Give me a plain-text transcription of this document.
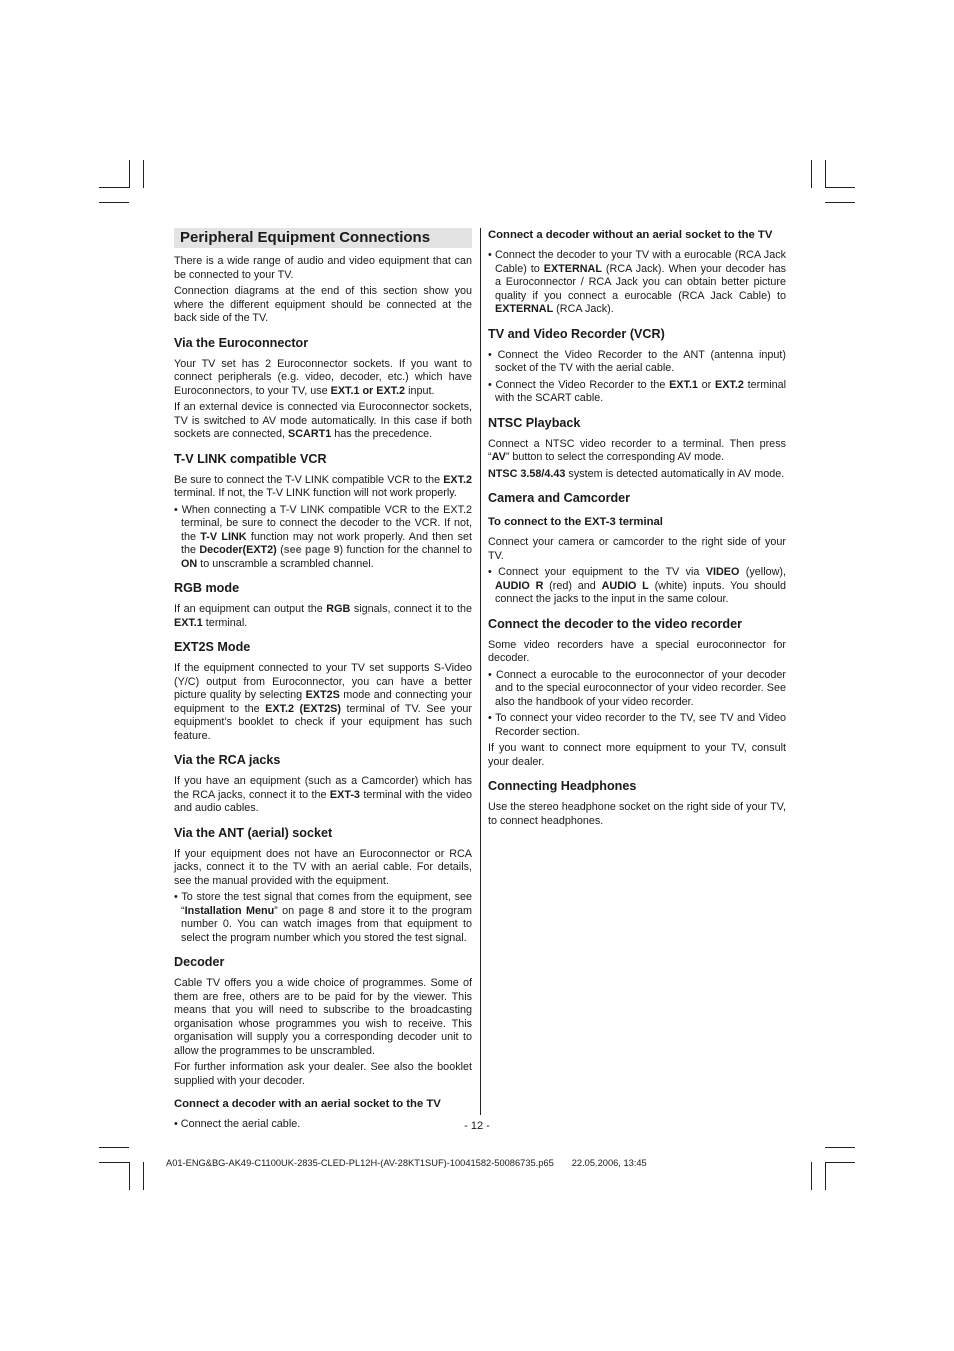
Peripheral Equipment Connections

There is a wide range of audio and video equipment that can be connected to your TV.

Connection diagrams at the end of this section show you where the different equipment should be connected at the back side of the TV.

Via the Euroconnector

Your TV set has 2 Euroconnector sockets. If you want to connect peripherals (e.g. video, decoder, etc.) which have Euroconnectors, to your TV, use EXT.1 or EXT.2 input.

If an external device is connected via Euroconnector sockets, TV is switched to AV mode automatically. In this case if both sockets are connected, SCART1 has the precedence.

T-V LINK compatible VCR

Be sure to connect the T-V LINK compatible VCR to the EXT.2 terminal. If not, the T-V LINK function will not work properly.

• When connecting a T-V LINK compatible VCR to the EXT.2 terminal, be sure to connect the decoder to the VCR. If not, the T-V LINK function may not work properly. And then set the Decoder(EXT2) (see page 9) function for the channel to ON to unscramble a scrambled channel.
RGB mode

If an equipment can output the RGB signals, connect it to the EXT.1 terminal.

EXT2S Mode

If the equipment connected to your TV set supports S-Video (Y/C) output from Euroconnector, you can have a better picture quality by selecting EXT2S mode and connecting your equipment to the EXT.2 (EXT2S) terminal of TV. See your equipment’s booklet to check if your equipment has such feature.

Via the RCA jacks

If you have an equipment (such as a Camcorder) which has the RCA jacks, connect it to the EXT-3 terminal with the video and audio cables.

Via the ANT (aerial) socket

If your equipment does not have an Euroconnector or RCA jacks, connect it to the TV with an aerial cable. For details, see the manual provided with the equipment.

• To store the test signal that comes from the equipment, see “Installation Menu” on page 8 and store it to the program number 0. You can watch images from that equipment to select the program number which you stored the test signal.
Decoder

Cable TV offers you a wide choice of programmes. Some of them are free, others are to be paid for by the viewer. This means that you will need to subscribe to the broadcasting organisation whose programmes you wish to receive. This organisation will supply you a corresponding decoder unit to allow the programmes to be unscrambled.

For further information ask your dealer. See also the booklet supplied with your decoder.

Connect a decoder with an aerial socket to the TV
• Connect the aerial cable.
Connect a decoder without an aerial socket to the TV
• Connect the decoder to your TV with a eurocable (RCA Jack Cable) to EXTERNAL (RCA Jack). When your decoder has a Euroconnector / RCA Jack you can obtain better picture quality if you connect a eurocable (RCA Jack Cable) to EXTERNAL (RCA Jack).
TV and Video Recorder (VCR)
• Connect the Video Recorder to the ANT (antenna input) socket of the TV with the aerial cable.
• Connect the Video Recorder to the EXT.1 or EXT.2 terminal with the SCART cable.
NTSC Playback

Connect a NTSC video recorder to a terminal. Then press “AV” button to select the corresponding AV mode.

NTSC 3.58/4.43 system is detected automatically in AV mode.

Camera and Camcorder
To connect to the EXT-3 terminal

Connect your camera or camcorder to the right side of your TV.

• Connect your equipment to the TV via VIDEO (yellow), AUDIO R (red) and AUDIO L (white) inputs. You should connect the jacks to the input in the same colour.
Connect the decoder to the video recorder

Some video recorders have a special euroconnector for decoder.

• Connect a eurocable to the euroconnector of your decoder and to the special euroconnector of your video recorder. See also the handbook of your video recorder.
• To connect your video recorder to the TV, see TV and Video Recorder section.

If you want to connect more equipment to your TV, consult your dealer.

Connecting Headphones

Use the stereo headphone socket on the right side of your TV, to connect headphones.

- 12 -
A01-ENG&BG-AK49-C1100UK-2835-CLED-PL12H-(AV-28KT1SUF)-10041582-50086735.p65 22.05.2006, 13:45
